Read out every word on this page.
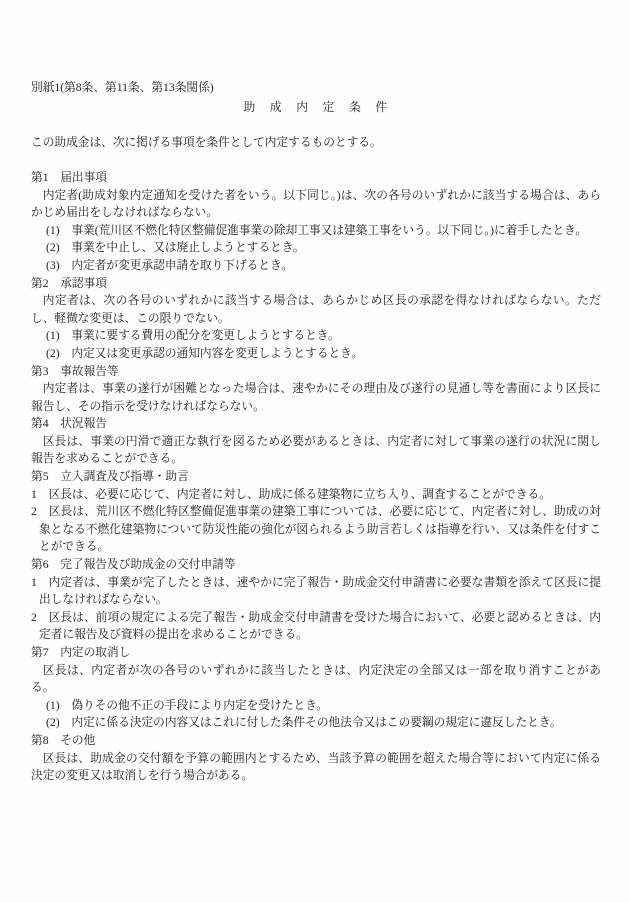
別紙1(第8条、第11条、第13条関係)
助　成　内　定　条　件
この助成金は、次に掲げる事項を条件として内定するものとする。
第1　届出事項

内定者(助成対象内定通知を受けた者をいう。以下同じ。)は、次の各号のいずれかに該当する場合は、あらかじめ届出をしなければならない。

(1)　事業(荒川区不燃化特区整備促進事業の除却工事又は建築工事をいう。以下同じ。)に着手したとき。

(2)　事業を中止し、又は廃止しようとするとき。

(3)　内定者が変更承認申請を取り下げるとき。

第2　承認事項

内定者は、次の各号のいずれかに該当する場合は、あらかじめ区長の承認を得なければならない。ただし、軽微な変更は、この限りでない。

(1)　事業に要する費用の配分を変更しようとするとき。

(2)　内定又は変更承認の通知内容を変更しようとするとき。

第3　事故報告等

内定者は、事業の遂行が困難となった場合は、速やかにその理由及び遂行の見通し等を書面により区長に報告し、その指示を受けなければならない。

第4　状況報告

区長は、事業の円滑で適正な執行を図るため必要があるときは、内定者に対して事業の遂行の状況に関し報告を求めることができる。

第5　立入調査及び指導・助言

1　区長は、必要に応じて、内定者に対し、助成に係る建築物に立ち入り、調査することができる。

2　区長は、荒川区不燃化特区整備促進事業の建築工事については、必要に応じて、内定者に対し、助成の対象となる不燃化建築物について防災性能の強化が図られるよう助言若しくは指導を行い、又は条件を付すことができる。

第6　完了報告及び助成金の交付申請等

1　内定者は、事業が完了したときは、速やかに完了報告・助成金交付申請書に必要な書類を添えて区長に提出しなければならない。

2　区長は、前項の規定による完了報告・助成金交付申請書を受けた場合において、必要と認めるときは、内定者に報告及び資料の提出を求めることができる。

第7　内定の取消し

区長は、内定者が次の各号のいずれかに該当したときは、内定決定の全部又は一部を取り消すことがある。

(1)　偽りその他不正の手段により内定を受けたとき。

(2)　内定に係る決定の内容又はこれに付した条件その他法令又はこの要綱の規定に違反したとき。

第8　その他

区長は、助成金の交付額を予算の範囲内とするため、当該予算の範囲を超えた場合等において内定に係る決定の変更又は取消しを行う場合がある。
